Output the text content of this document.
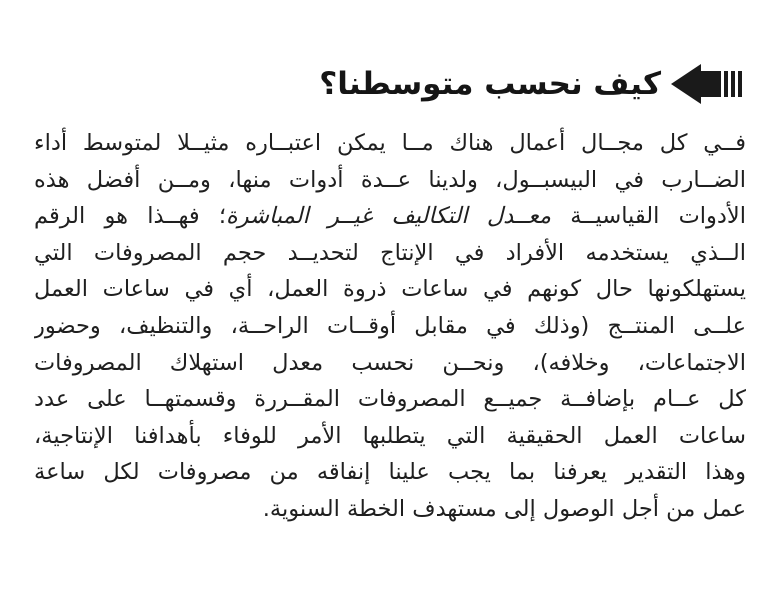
كيف نحسب متوسطنا؟
فــي كل مجــال أعمال هناك مــا يمكن اعتبــاره مثيــلا لمتوسط أداء
الضــارب في البيسبــول، ولدينا عــدة أدوات منها، ومــن أفضل هذه
الأدوات القياسيــة معــدل التكاليف غيــر المباشرة؛ فهــذا هو الرقم
الــذي يستخدمه الأفراد في الإنتاج لتحديــد حجم المصروفات التي
يستهلكونها حال كونهم في ساعات ذروة العمل، أي في ساعات العمل
علــى المنتــج (وذلك في مقابل أوقــات الراحــة، والتنظيف، وحضور
الاجتماعات، وخلافه)، ونحــن نحسب معدل استهلاك المصروفات
كل عــام بإضافــة جميــع المصروفات المقــررة وقسمتهــا على عدد
ساعات العمل الحقيقية التي يتطلبها الأمر للوفاء بأهدافنا الإنتاجية،
وهذا التقدير يعرفنا بما يجب علينا إنفاقه من مصروفات لكل ساعة
عمل من أجل الوصول إلى مستهدف الخطة السنوية.
